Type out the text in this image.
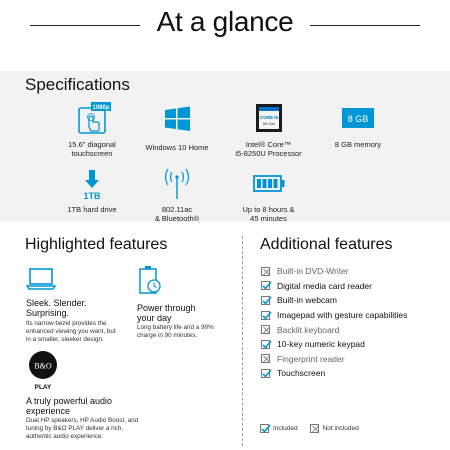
At a glance
Specifications
1080p
15.6" diagonal
touchscreen
Windows 10 Home
CORE i5
8th Gen
Intel® Core™
i5-8250U Processor
8 GB
8 GB memory
1TB
1TB hard drive	802.11ac
& Bluetooth®
Up to 8 hours &
45 minutes
Highlighted features
Sleek. Slender.
Surprising.
Its narrow bezel provides the
enhanced viewing you want, but
in a smaller, sleeker design.
Power through
your day
Long battery life and a 90%
charge in 90 minutes.
B&O
PLAY
A truly powerful audio
experience
Dual HP speakers, HP Audio Boost, and
tuning by B&O PLAY deliver a rich,
authentic audio experience.
Additional features
Built-in DVD-Writer
Digital media card reader
Built-in webcam
Imagepad with gesture capabilities
Backlit keyboard
10-key numeric keypad
Fingerprint reader
Touchscreen
Included	Not included
